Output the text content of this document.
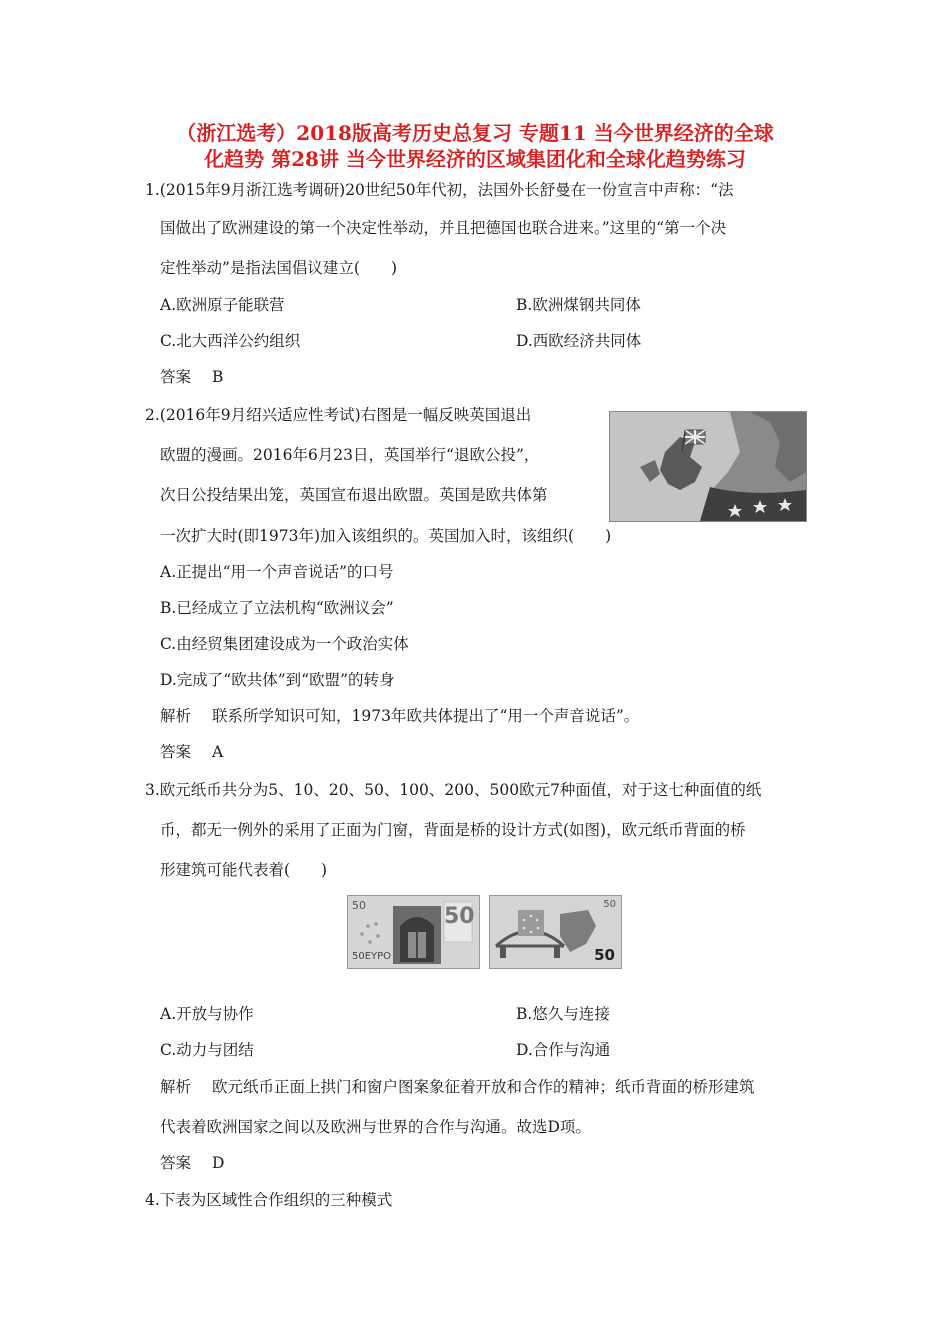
（浙江选考）2018版高考历史总复习 专题11 当今世界经济的全球
化趋势 第28讲 当今世界经济的区域集团化和全球化趋势练习
1.(2015年9月浙江选考调研)20世纪50年代初，法国外长舒曼在一份宣言中声称：“法
国做出了欧洲建设的第一个决定性举动，并且把德国也联合进来。”这里的“第一个决
定性举动”是指法国倡议建立(　　)
A.欧洲原子能联营	B.欧洲煤钢共同体
C.北大西洋公约组织	D.西欧经济共同体
答案 B
2.(2016年9月绍兴适应性考试)右图是一幅反映英国退出
欧盟的漫画。2016年6月23日，英国举行“退欧公投”，
次日公投结果出笼，英国宣布退出欧盟。英国是欧共体第
一次扩大时(即1973年)加入该组织的。英国加入时，该组织(　　)
A.正提出“用一个声音说话”的口号
B.已经成立了立法机构“欧洲议会”
C.由经贸集团建设成为一个政治实体
D.完成了“欧共体”到“欧盟”的转身
解析 联系所学知识可知，1973年欧共体提出了“用一个声音说话”。
答案 A
3.欧元纸币共分为5、10、20、50、100、200、500欧元7种面值，对于这七种面值的纸
币，都无一例外的采用了正面为门窗，背面是桥的设计方式(如图)，欧元纸币背面的桥
形建筑可能代表着(　　)
50	50
50EYPO
50
50
A.开放与协作	B.悠久与连接
C.动力与团结	D.合作与沟通
解析 欧元纸币正面上拱门和窗户图案象征着开放和合作的精神；纸币背面的桥形建筑
代表着欧洲国家之间以及欧洲与世界的合作与沟通。故选D项。
答案 D
4.下表为区域性合作组织的三种模式
